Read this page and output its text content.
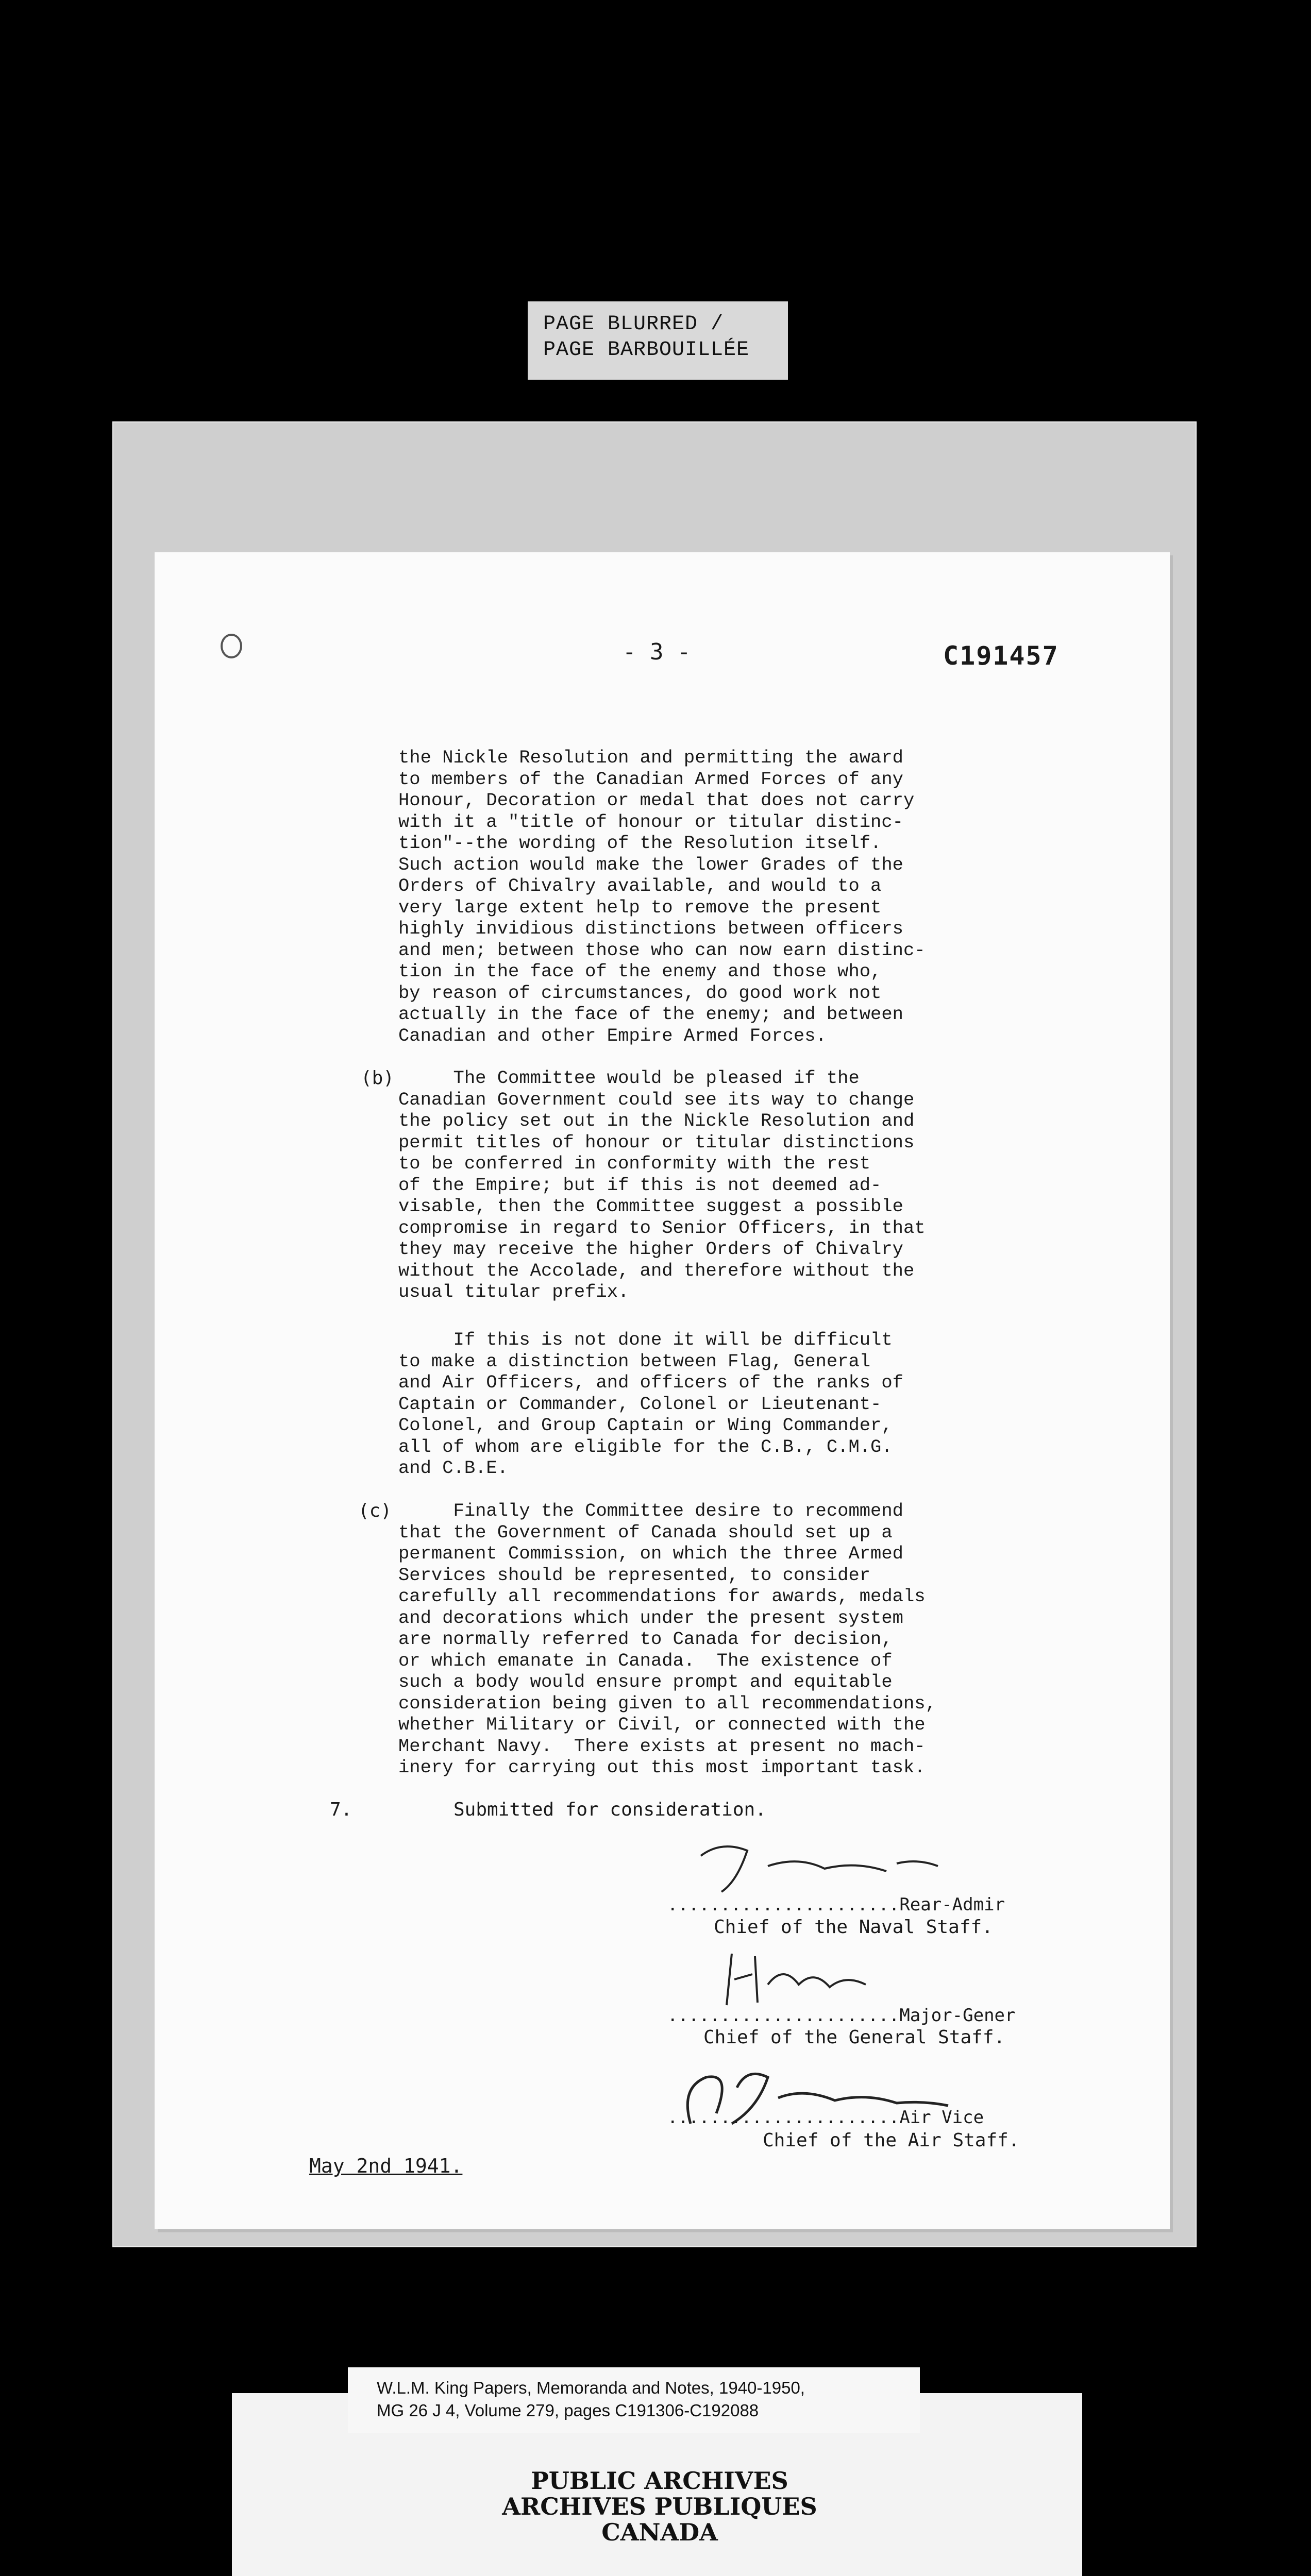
PAGE BLURRED /
PAGE BARBOUILLÉE
- 3 -	C191457
the Nickle Resolution and permitting the award
to members of the Canadian Armed Forces of any
Honour, Decoration or medal that does not carry
with it a "title of honour or titular distinc-
tion"--the wording of the Resolution itself.
Such action would make the lower Grades of the
Orders of Chivalry available, and would to a
very large extent help to remove the present
highly invidious distinctions between officers
and men; between those who can now earn distinc-
tion in the face of the enemy and those who,
by reason of circumstances, do good work not
actually in the face of the enemy; and between
Canadian and other Empire Armed Forces.
(b)	The Committee would be pleased if the
Canadian Government could see its way to change
the policy set out in the Nickle Resolution and
permit titles of honour or titular distinctions
to be conferred in conformity with the rest
of the Empire; but if this is not deemed ad-
visable, then the Committee suggest a possible
compromise in regard to Senior Officers, in that
they may receive the higher Orders of Chivalry
without the Accolade, and therefore without the
usual titular prefix.
If this is not done it will be difficult
to make a distinction between Flag, General
and Air Officers, and officers of the ranks of
Captain or Commander, Colonel or Lieutenant-
Colonel, and Group Captain or Wing Commander,
all of whom are eligible for the C.B., C.M.G.
and C.B.E.
(c)	Finally the Committee desire to recommend
that the Government of Canada should set up a
permanent Commission, on which the three Armed
Services should be represented, to consider
carefully all recommendations for awards, medals
and decorations which under the present system
are normally referred to Canada for decision,
or which emanate in Canada.  The existence of
such a body would ensure prompt and equitable
consideration being given to all recommendations,
whether Military or Civil, or connected with the
Merchant Navy.  There exists at present no mach-
inery for carrying out this most important task.
7.	Submitted for consideration.
......................Rear-Admir
Chief of the Naval Staff.
......................Major-Gener
Chief of the General Staff.
......................Air Vice
Chief of the Air Staff.
May 2nd 1941.
W.L.M. King Papers, Memoranda and Notes, 1940-1950,
MG 26 J 4, Volume 279, pages C191306-C192088
PUBLIC ARCHIVES
ARCHIVES PUBLIQUES
CANADA
